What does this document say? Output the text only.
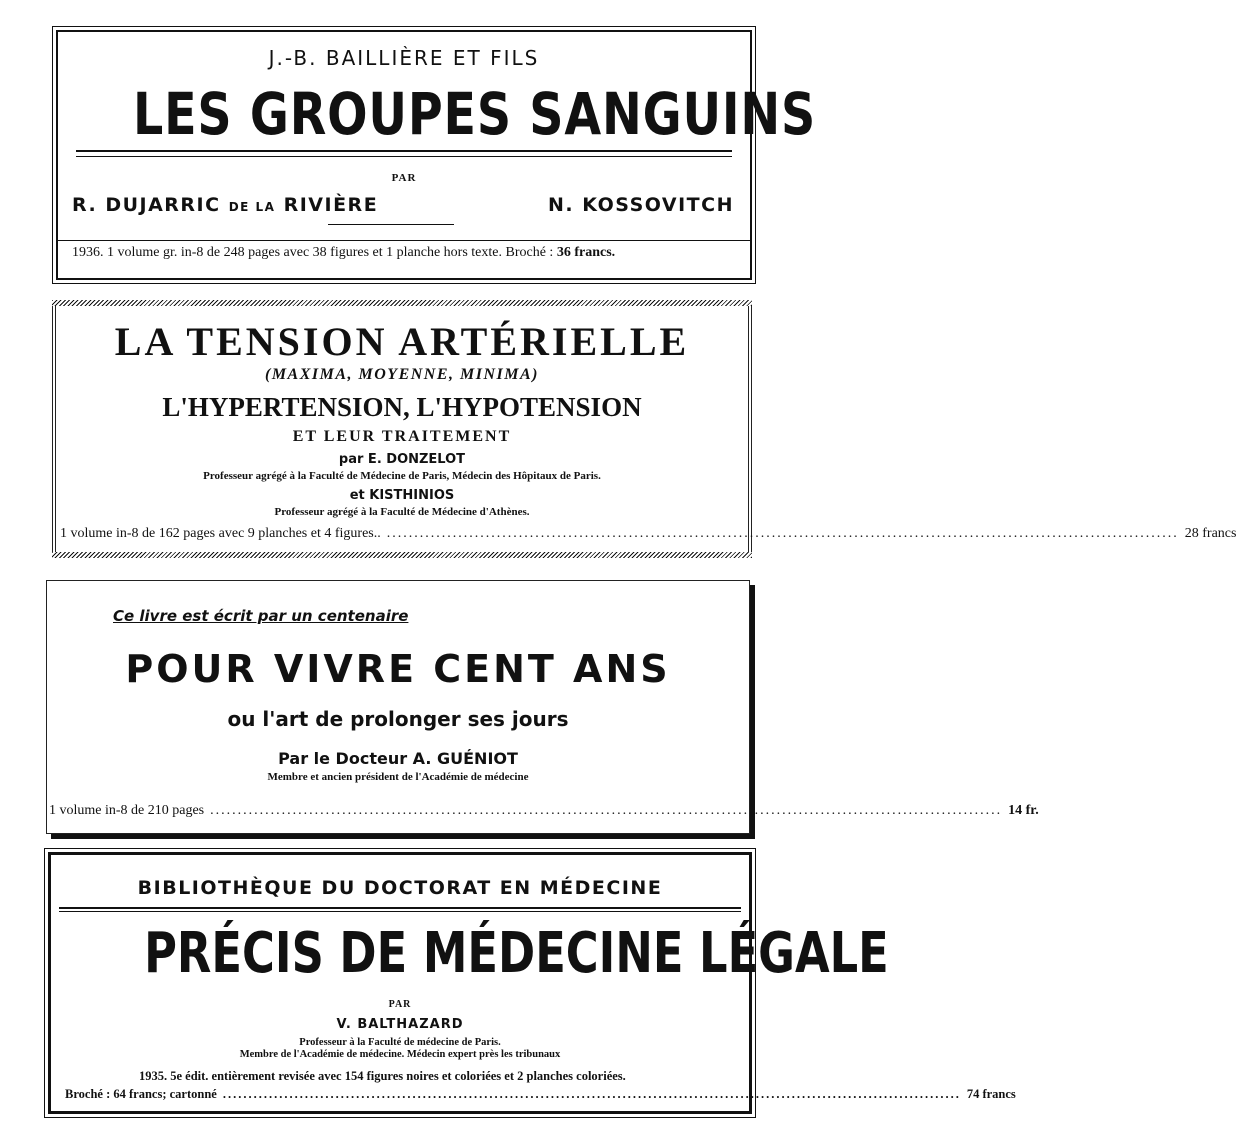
J.-B. BAILLIÈRE ET FILS
LES GROUPES SANGUINS
PAR
R. DUJARRIC DE LA RIVIÈRE	N. KOSSOVITCH
1936. 1 volume gr. in-8 de 248 pages avec 38 figures et 1 planche hors texte. Broché : 36 francs.
LA TENSION ARTÉRIELLE
(MAXIMA, MOYENNE, MINIMA)
L'HYPERTENSION, L'HYPOTENSION
ET LEUR TRAITEMENT
par E. DONZELOT
Professeur agrégé à la Faculté de Médecine de Paris, Médecin des Hôpitaux de Paris.
et KISTHINIOS
Professeur agrégé à la Faculté de Médecine d'Athènes.
1 volume in-8 de 162 pages avec 9 planches et 4 figures.. ................................................................................................................................................ 28 francs
Ce livre est écrit par un centenaire
POUR VIVRE CENT ANS
ou l'art de prolonger ses jours
Par le Docteur A. GUÉNIOT
Membre et ancien président de l'Académie de médecine
1 volume in-8 de 210 pages ................................................................................................................................................ 14 fr.
BIBLIOTHÈQUE DU DOCTORAT EN MÉDECINE
PRÉCIS DE MÉDECINE LÉGALE
PAR
V. BALTHAZARD
Professeur à la Faculté de médecine de Paris.
Membre de l'Académie de médecine. Médecin expert près les tribunaux
1935. 5e édit. entièrement revisée avec 154 figures noires et coloriées et 2 planches coloriées.
Broché : 64 francs; cartonné ................................................................................................................................................ 74 francs
